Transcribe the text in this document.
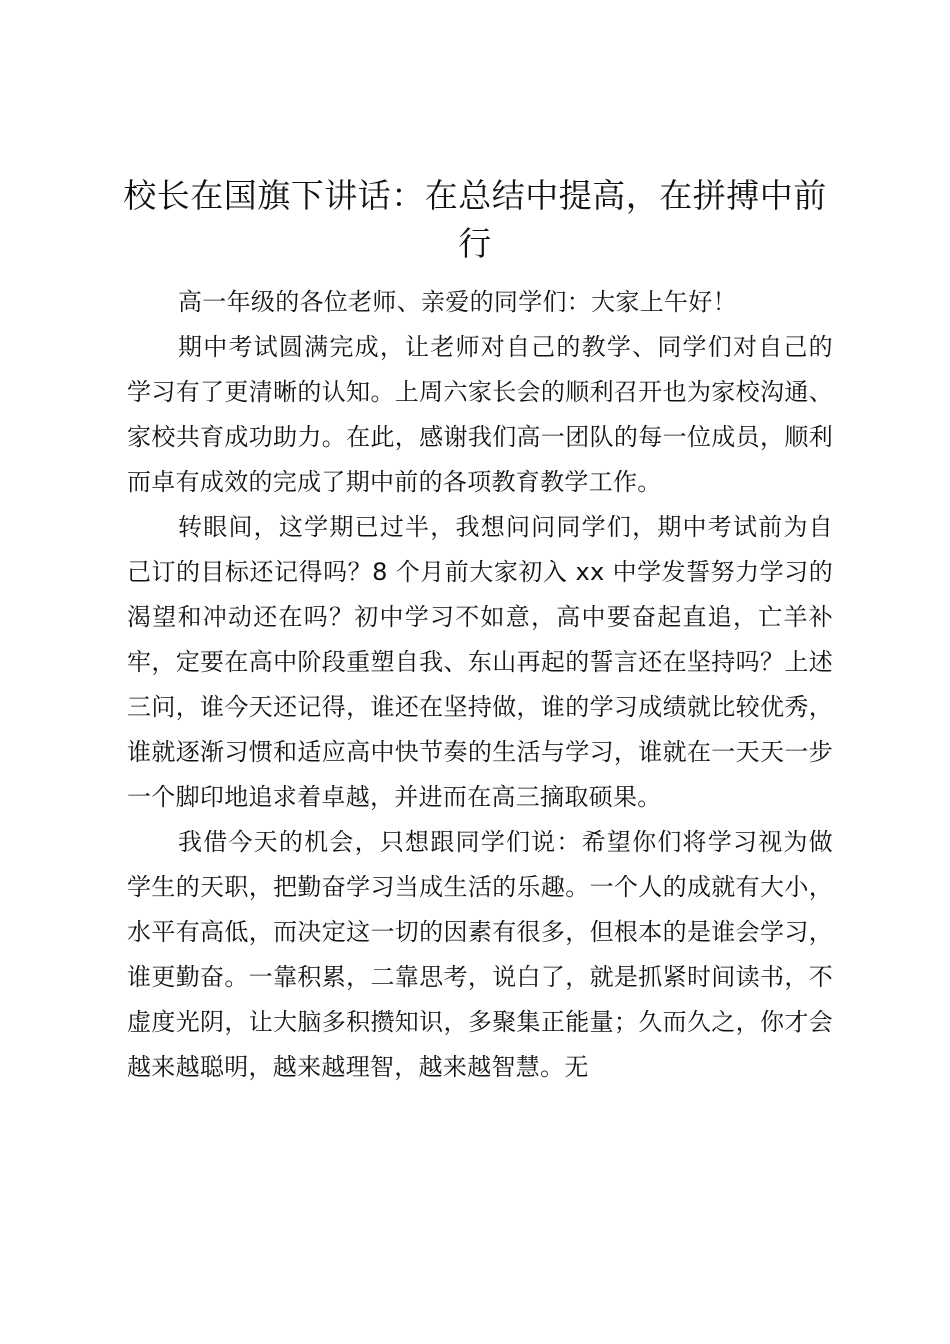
校长在国旗下讲话：在总结中提高，在拼搏中前行

高一年级的各位老师、亲爱的同学们：大家上午好！

期中考试圆满完成，让老师对自己的教学、同学们对自己的学习有了更清晰的认知。上周六家长会的顺利召开也为家校沟通、家校共育成功助力。在此，感谢我们高一团队的每一位成员，顺利而卓有成效的完成了期中前的各项教育教学工作。

转眼间，这学期已过半，我想问问同学们，期中考试前为自己订的目标还记得吗？8 个月前大家初入 xx 中学发誓努力学习的渴望和冲动还在吗？初中学习不如意，高中要奋起直追，亡羊补牢，定要在高中阶段重塑自我、东山再起的誓言还在坚持吗？上述三问，谁今天还记得，谁还在坚持做，谁的学习成绩就比较优秀，谁就逐渐习惯和适应高中快节奏的生活与学习，谁就在一天天一步一个脚印地追求着卓越，并进而在高三摘取硕果。

我借今天的机会，只想跟同学们说：希望你们将学习视为做学生的天职，把勤奋学习当成生活的乐趣。一个人的成就有大小，水平有高低，而决定这一切的因素有很多，但根本的是谁会学习，谁更勤奋。一靠积累，二靠思考，说白了，就是抓紧时间读书，不虚度光阴，让大脑多积攒知识，多聚集正能量；久而久之，你才会越来越聪明，越来越理智，越来越智慧。无
